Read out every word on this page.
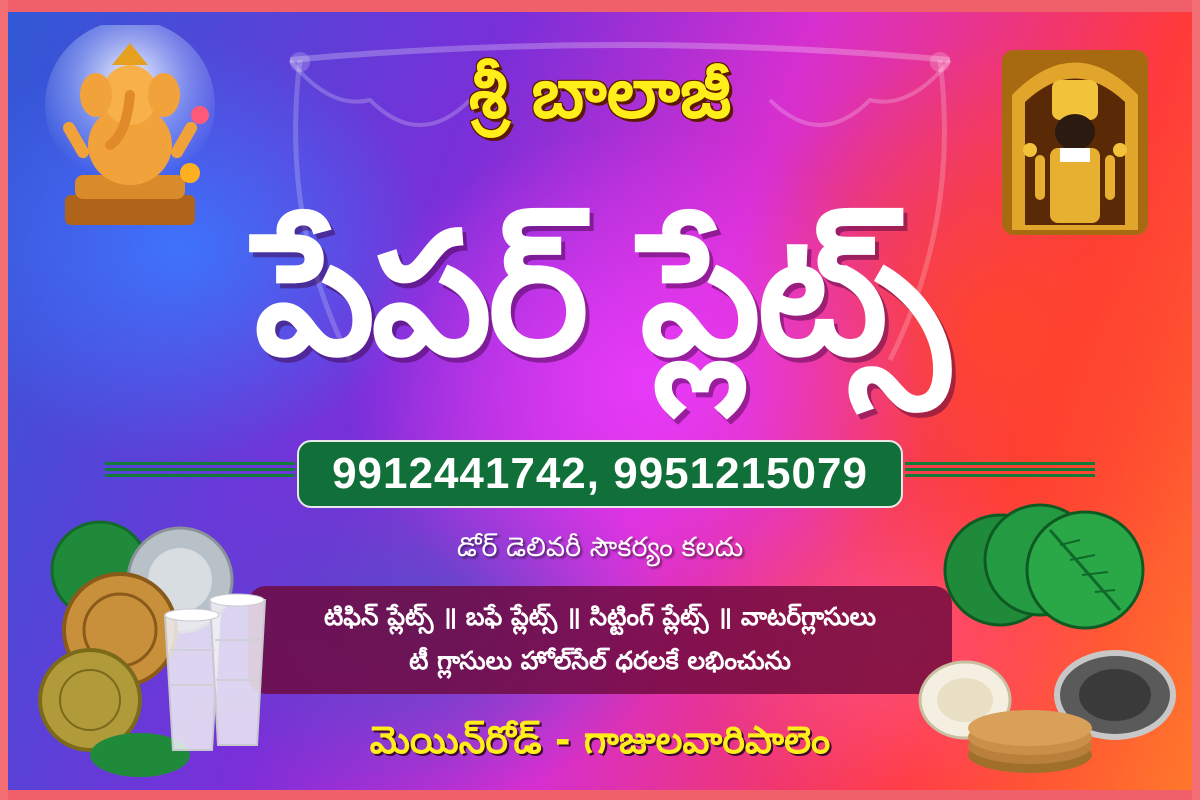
శ్రీ బాలాజీ
పేపర్ ప్లేట్స్
9912441742, 9951215079
డోర్ డెలివరీ సౌకర్యం కలదు
టిఫిన్ ప్లేట్స్ ॥ బఫే ప్లేట్స్ ॥ సిట్టింగ్ ప్లేట్స్ ॥ వాటర్‌గ్లాసులు
టీ గ్లాసులు హోల్‌సేల్ ధరలకే లభించును
మెయిన్‌రోడ్ - గాజులవారిపాలెం
